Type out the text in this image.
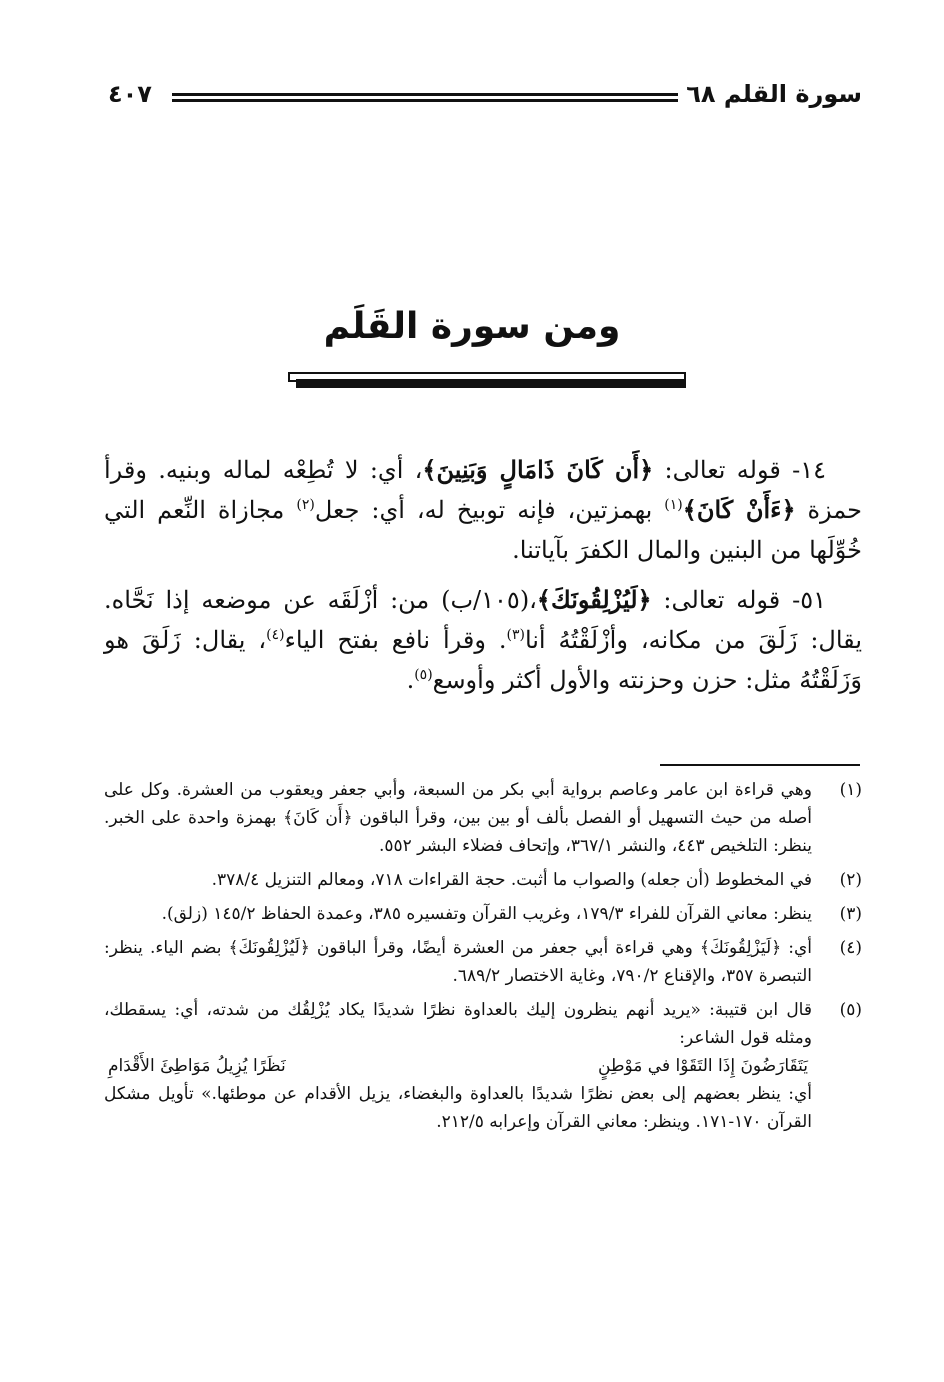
سورة القلم ٦٨
٤٠٧
ومن سورة القَلَم

١٤- قوله تعالى: ﴿أَن كَانَ ذَامَالٍ وَبَنِينَ﴾، أي: لا تُطِعْه لماله وبنيه. وقرأ حمزة ﴿ءَأَنْ كَانَ﴾$^{(١)}$ بهمزتين، فإنه توبيخ له، أي: جعل$^{(٢)}$ مجازاة النِّعم التي خُوِّلَها من البنين والمال الكفرَ بآياتنا.

٥١- قوله تعالى: ﴿لَيُزْلِقُونَكَ﴾،(١٠٥/ب) من: أزْلَقَه عن موضعه إذا نَحَّاه. يقال: زَلَقَ من مكانه، وأزْلَقْتُهُ أنا$^{(٣)}$. وقرأ نافع بفتح الياء$^{(٤)}$، يقال: زَلَقَ هو وَزَلَقْتُهُ مثل: حزن وحزنته والأول أكثر وأوسع$^{(٥)}$.

(١)
وهي قراءة ابن عامر وعاصم برواية أبي بكر من السبعة، وأبي جعفر ويعقوب من العشرة. وكل على أصله من حيث التسهيل أو الفصل بألف أو بين بين، وقرأ الباقون ﴿أَن كَانَ﴾ بهمزة واحدة على الخبر. ينظر: التلخيص ٤٤٣، والنشر ٣٦٧/١، وإتحاف فضلاء البشر ٥٥٢.
(٢)
في المخطوط (أن جعله) والصواب ما أثبت. حجة القراءات ٧١٨، ومعالم التنزيل ٣٧٨/٤.
(٣)
ينظر: معاني القرآن للفراء ١٧٩/٣، وغريب القرآن وتفسيره ٣٨٥، وعمدة الحفاظ ١٤٥/٢ (زلق).
(٤)
أي: ﴿لَيَزْلِقُونَكَ﴾ وهي قراءة أبي جعفر من العشرة أيضًا، وقرأ الباقون ﴿لَيُزْلِقُونَكَ﴾ بضم الياء. ينظر: التبصرة ٣٥٧، والإقناع ٧٩٠/٢، وغاية الاختصار ٦٨٩/٢.
(٥)
قال ابن قتيبة: «يريد أنهم ينظرون إليك بالعداوة نظرًا شديدًا يكاد يُزْلِقُك من شدته، أي: يسقطك، ومثله قول الشاعر:
يَتَقَارَضُونَ إِذَا التَقَوْا في مَوْطِنٍ
نَظَرًا يُزِيلُ مَوَاطِئَ الأَقْدَامِ
أي: ينظر بعضهم إلى بعض نظرًا شديدًا بالعداوة والبغضاء، يزيل الأقدام عن موطئها.» تأويل مشكل القرآن ١٧٠-١٧١. وينظر: معاني القرآن وإعرابه ٢١٢/٥.
